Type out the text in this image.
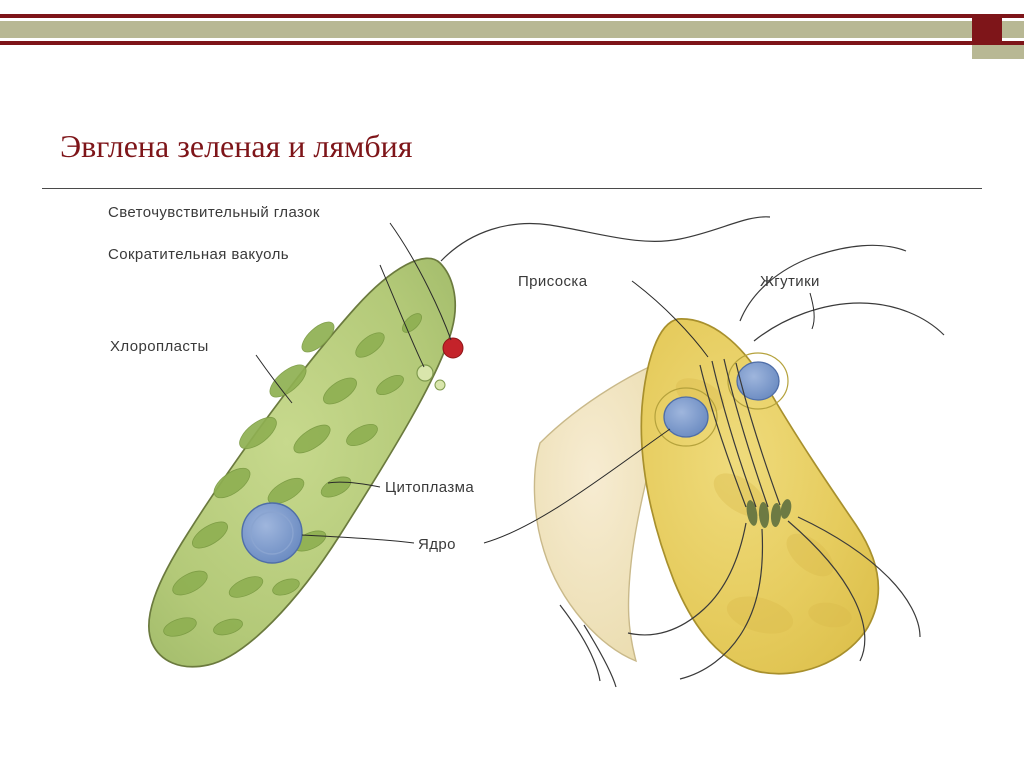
Эвглена зеленая и лямбия
Светочувствительный глазок
Сократительная вакуоль
Хлоропласты
Цитоплазма
Ядро
Присоска	Жгутики
